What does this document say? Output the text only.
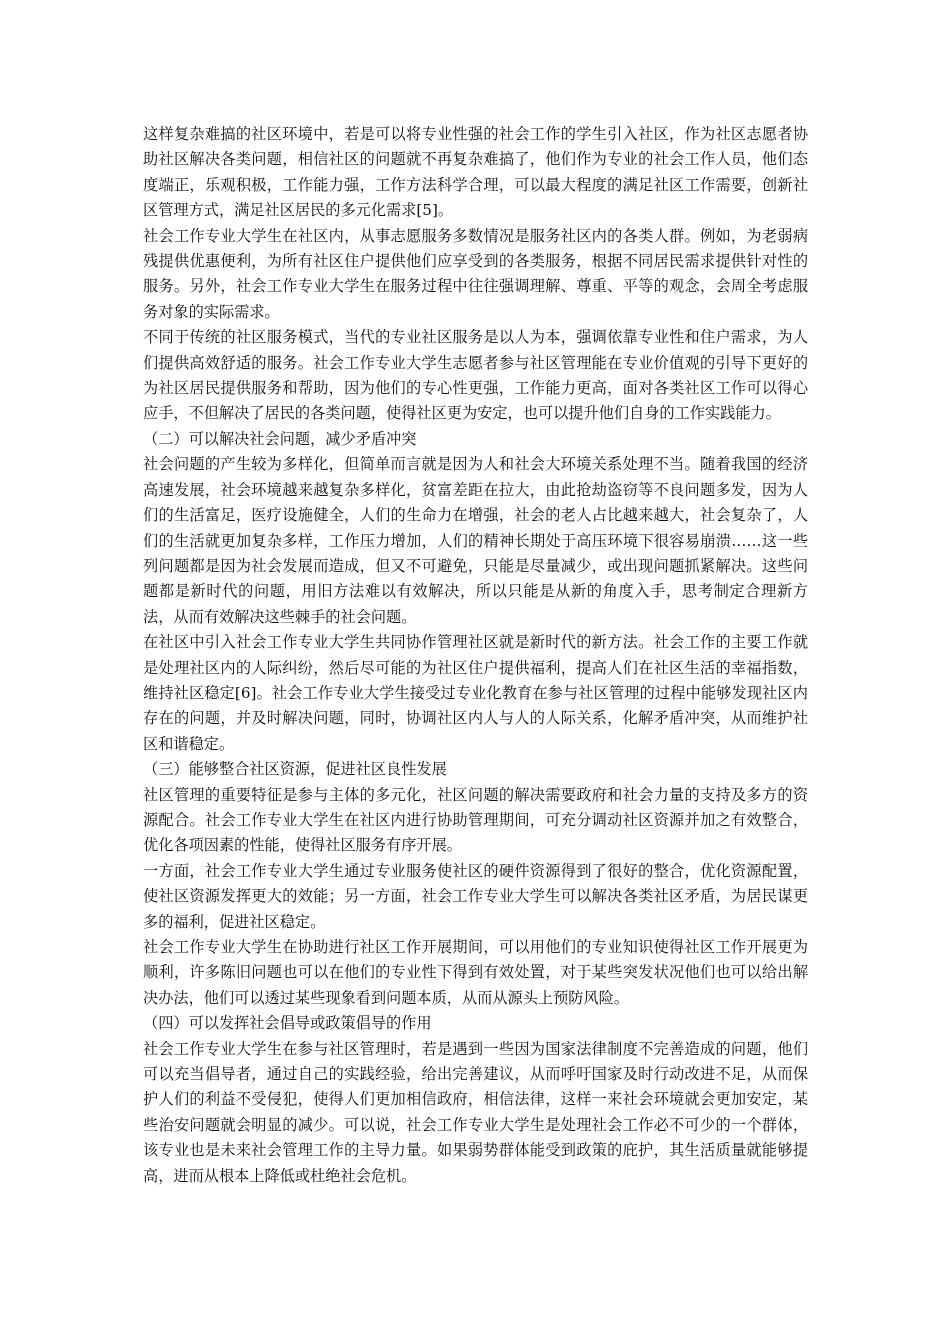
这样复杂难搞的社区环境中，若是可以将专业性强的社会工作的学生引入社区，作为社区志愿者协助社区解决各类问题，相信社区的问题就不再复杂难搞了，他们作为专业的社会工作人员，他们态度端正，乐观积极，工作能力强，工作方法科学合理，可以最大程度的满足社区工作需要，创新社区管理方式，满足社区居民的多元化需求[5]。

社会工作专业大学生在社区内，从事志愿服务多数情况是服务社区内的各类人群。例如，为老弱病残提供优惠便利，为所有社区住户提供他们应享受到的各类服务，根据不同居民需求提供针对性的服务。另外，社会工作专业大学生在服务过程中往往强调理解、尊重、平等的观念，会周全考虑服务对象的实际需求。

不同于传统的社区服务模式，当代的专业社区服务是以人为本，强调依靠专业性和住户需求，为人们提供高效舒适的服务。社会工作专业大学生志愿者参与社区管理能在专业价值观的引导下更好的为社区居民提供服务和帮助，因为他们的专心性更强，工作能力更高，面对各类社区工作可以得心应手，不但解决了居民的各类问题，使得社区更为安定，也可以提升他们自身的工作实践能力。

（二）可以解决社会问题，减少矛盾冲突

社会问题的产生较为多样化，但简单而言就是因为人和社会大环境关系处理不当。随着我国的经济高速发展，社会环境越来越复杂多样化，贫富差距在拉大，由此抢劫盗窃等不良问题多发，因为人们的生活富足，医疗设施健全，人们的生命力在增强，社会的老人占比越来越大，社会复杂了，人们的生活就更加复杂多样，工作压力增加，人们的精神长期处于高压环境下很容易崩溃……这一些列问题都是因为社会发展而造成，但又不可避免，只能是尽量减少，或出现问题抓紧解决。这些问题都是新时代的问题，用旧方法难以有效解决，所以只能是从新的角度入手，思考制定合理新方法，从而有效解决这些棘手的社会问题。

在社区中引入社会工作专业大学生共同协作管理社区就是新时代的新方法。社会工作的主要工作就是处理社区内的人际纠纷，然后尽可能的为社区住户提供福利，提高人们在社区生活的幸福指数，维持社区稳定[6]。社会工作专业大学生接受过专业化教育在参与社区管理的过程中能够发现社区内存在的问题，并及时解决问题，同时，协调社区内人与人的人际关系，化解矛盾冲突，从而维护社区和谐稳定。

（三）能够整合社区资源，促进社区良性发展

社区管理的重要特征是参与主体的多元化，社区问题的解决需要政府和社会力量的支持及多方的资源配合。社会工作专业大学生在社区内进行协助管理期间，可充分调动社区资源并加之有效整合，优化各项因素的性能，使得社区服务有序开展。

一方面，社会工作专业大学生通过专业服务使社区的硬件资源得到了很好的整合，优化资源配置，使社区资源发挥更大的效能；另一方面，社会工作专业大学生可以解决各类社区矛盾，为居民谋更多的福利，促进社区稳定。

社会工作专业大学生在协助进行社区工作开展期间，可以用他们的专业知识使得社区工作开展更为顺利，许多陈旧问题也可以在他们的专业性下得到有效处置，对于某些突发状况他们也可以给出解决办法，他们可以透过某些现象看到问题本质，从而从源头上预防风险。

（四）可以发挥社会倡导或政策倡导的作用

社会工作专业大学生在参与社区管理时，若是遇到一些因为国家法律制度不完善造成的问题，他们可以充当倡导者，通过自己的实践经验，给出完善建议，从而呼吁国家及时行动改进不足，从而保护人们的利益不受侵犯，使得人们更加相信政府，相信法律，这样一来社会环境就会更加安定，某些治安问题就会明显的减少。可以说，社会工作专业大学生是处理社会工作必不可少的一个群体，该专业也是未来社会管理工作的主导力量。如果弱势群体能受到政策的庇护，其生活质量就能够提高，进而从根本上降低或杜绝社会危机。
